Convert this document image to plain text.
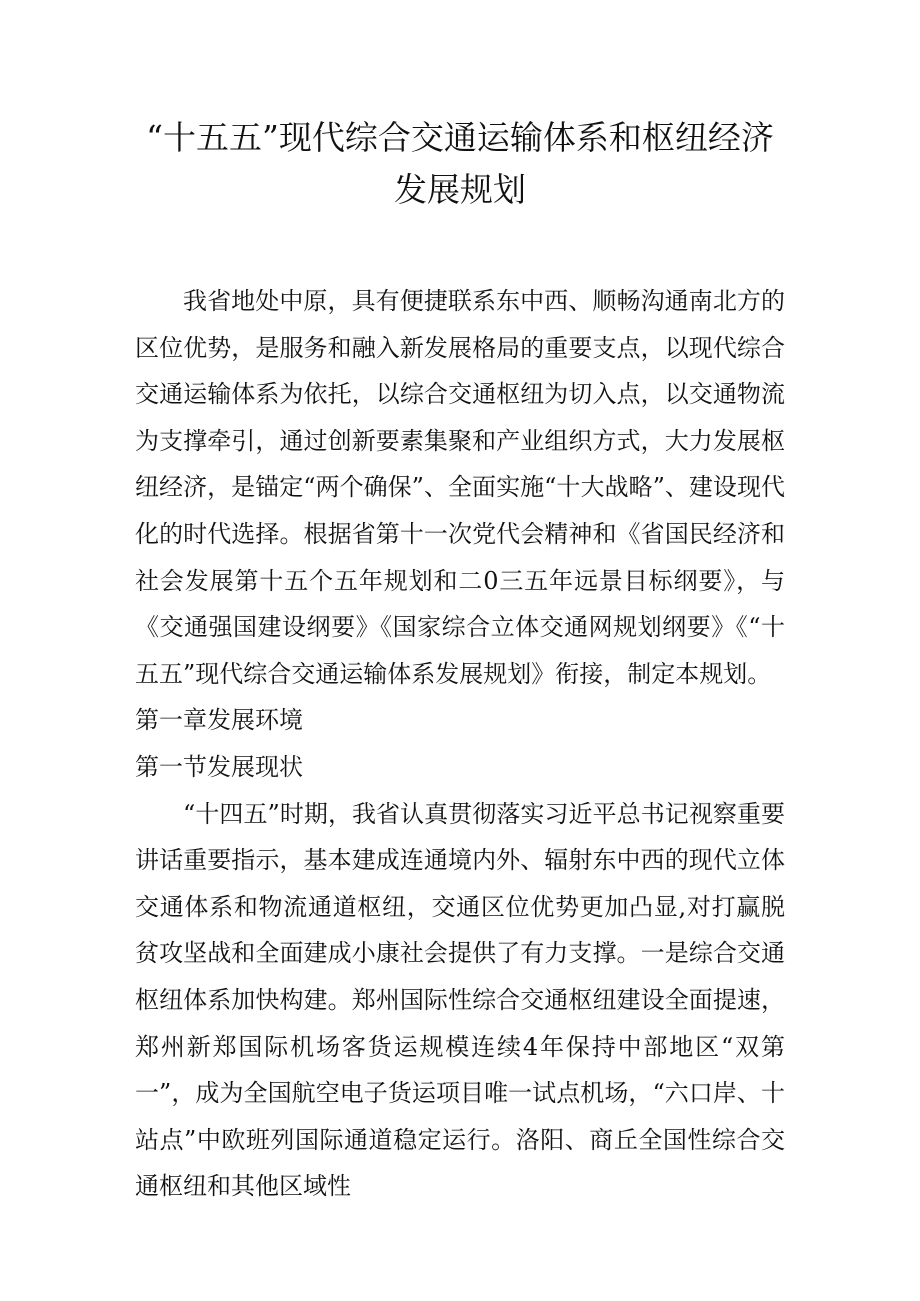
“十五五”现代综合交通运输体系和枢纽经济
发展规划

我省地处中原，具有便捷联系东中西、顺畅沟通南北方的区位优势，是服务和融入新发展格局的重要支点，以现代综合交通运输体系为依托，以综合交通枢纽为切入点，以交通物流为支撑牵引，通过创新要素集聚和产业组织方式，大力发展枢纽经济，是锚定“两个确保”、全面实施“十大战略”、建设现代化的时代选择。根据省第十一次党代会精神和《省国民经济和社会发展第十五个五年规划和二0三五年远景目标纲要》，与《交通强国建设纲要》《国家综合立体交通网规划纲要》《“十五五”现代综合交通运输体系发展规划》衔接，制定本规划。

第一章发展环境

第一节发展现状

“十四五”时期，我省认真贯彻落实习近平总书记视察重要讲话重要指示，基本建成连通境内外、辐射东中西的现代立体交通体系和物流通道枢纽，交通区位优势更加凸显,对打赢脱贫攻坚战和全面建成小康社会提供了有力支撑。一是综合交通枢纽体系加快构建。郑州国际性综合交通枢纽建设全面提速，郑州新郑国际机场客货运规模连续4年保持中部地区“双第一”，成为全国航空电子货运项目唯一试点机场，“六口岸、十站点”中欧班列国际通道稳定运行。洛阳、商丘全国性综合交通枢纽和其他区域性
